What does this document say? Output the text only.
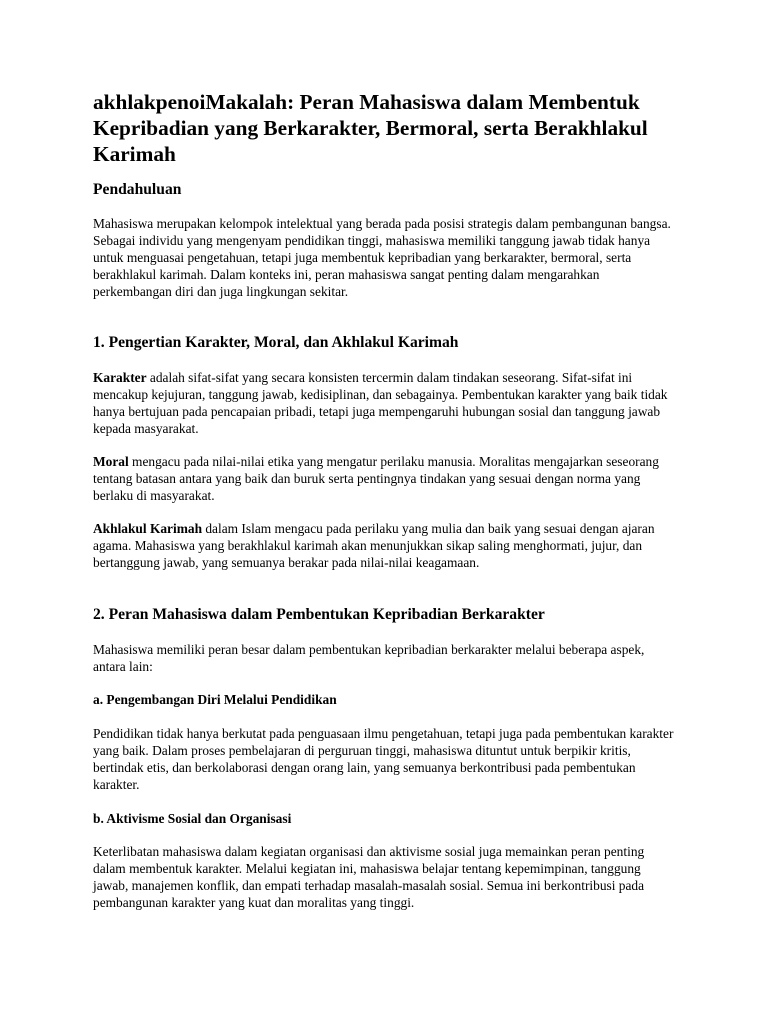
akhlakpenoiMakalah: Peran Mahasiswa dalam Membentuk Kepribadian yang Berkarakter, Bermoral, serta Berakhlakul Karimah
Pendahuluan

Mahasiswa merupakan kelompok intelektual yang berada pada posisi strategis dalam pembangunan bangsa. Sebagai individu yang mengenyam pendidikan tinggi, mahasiswa memiliki tanggung jawab tidak hanya untuk menguasai pengetahuan, tetapi juga membentuk kepribadian yang berkarakter, bermoral, serta berakhlakul karimah. Dalam konteks ini, peran mahasiswa sangat penting dalam mengarahkan perkembangan diri dan juga lingkungan sekitar.

1. Pengertian Karakter, Moral, dan Akhlakul Karimah

Karakter adalah sifat-sifat yang secara konsisten tercermin dalam tindakan seseorang. Sifat-sifat ini mencakup kejujuran, tanggung jawab, kedisiplinan, dan sebagainya. Pembentukan karakter yang baik tidak hanya bertujuan pada pencapaian pribadi, tetapi juga mempengaruhi hubungan sosial dan tanggung jawab kepada masyarakat.

Moral mengacu pada nilai-nilai etika yang mengatur perilaku manusia. Moralitas mengajarkan seseorang tentang batasan antara yang baik dan buruk serta pentingnya tindakan yang sesuai dengan norma yang berlaku di masyarakat.

Akhlakul Karimah dalam Islam mengacu pada perilaku yang mulia dan baik yang sesuai dengan ajaran agama. Mahasiswa yang berakhlakul karimah akan menunjukkan sikap saling menghormati, jujur, dan bertanggung jawab, yang semuanya berakar pada nilai-nilai keagamaan.

2. Peran Mahasiswa dalam Pembentukan Kepribadian Berkarakter

Mahasiswa memiliki peran besar dalam pembentukan kepribadian berkarakter melalui beberapa aspek, antara lain:

a. Pengembangan Diri Melalui Pendidikan

Pendidikan tidak hanya berkutat pada penguasaan ilmu pengetahuan, tetapi juga pada pembentukan karakter yang baik. Dalam proses pembelajaran di perguruan tinggi, mahasiswa dituntut untuk berpikir kritis, bertindak etis, dan berkolaborasi dengan orang lain, yang semuanya berkontribusi pada pembentukan karakter.

b. Aktivisme Sosial dan Organisasi

Keterlibatan mahasiswa dalam kegiatan organisasi dan aktivisme sosial juga memainkan peran penting dalam membentuk karakter. Melalui kegiatan ini, mahasiswa belajar tentang kepemimpinan, tanggung jawab, manajemen konflik, dan empati terhadap masalah-masalah sosial. Semua ini berkontribusi pada pembangunan karakter yang kuat dan moralitas yang tinggi.
